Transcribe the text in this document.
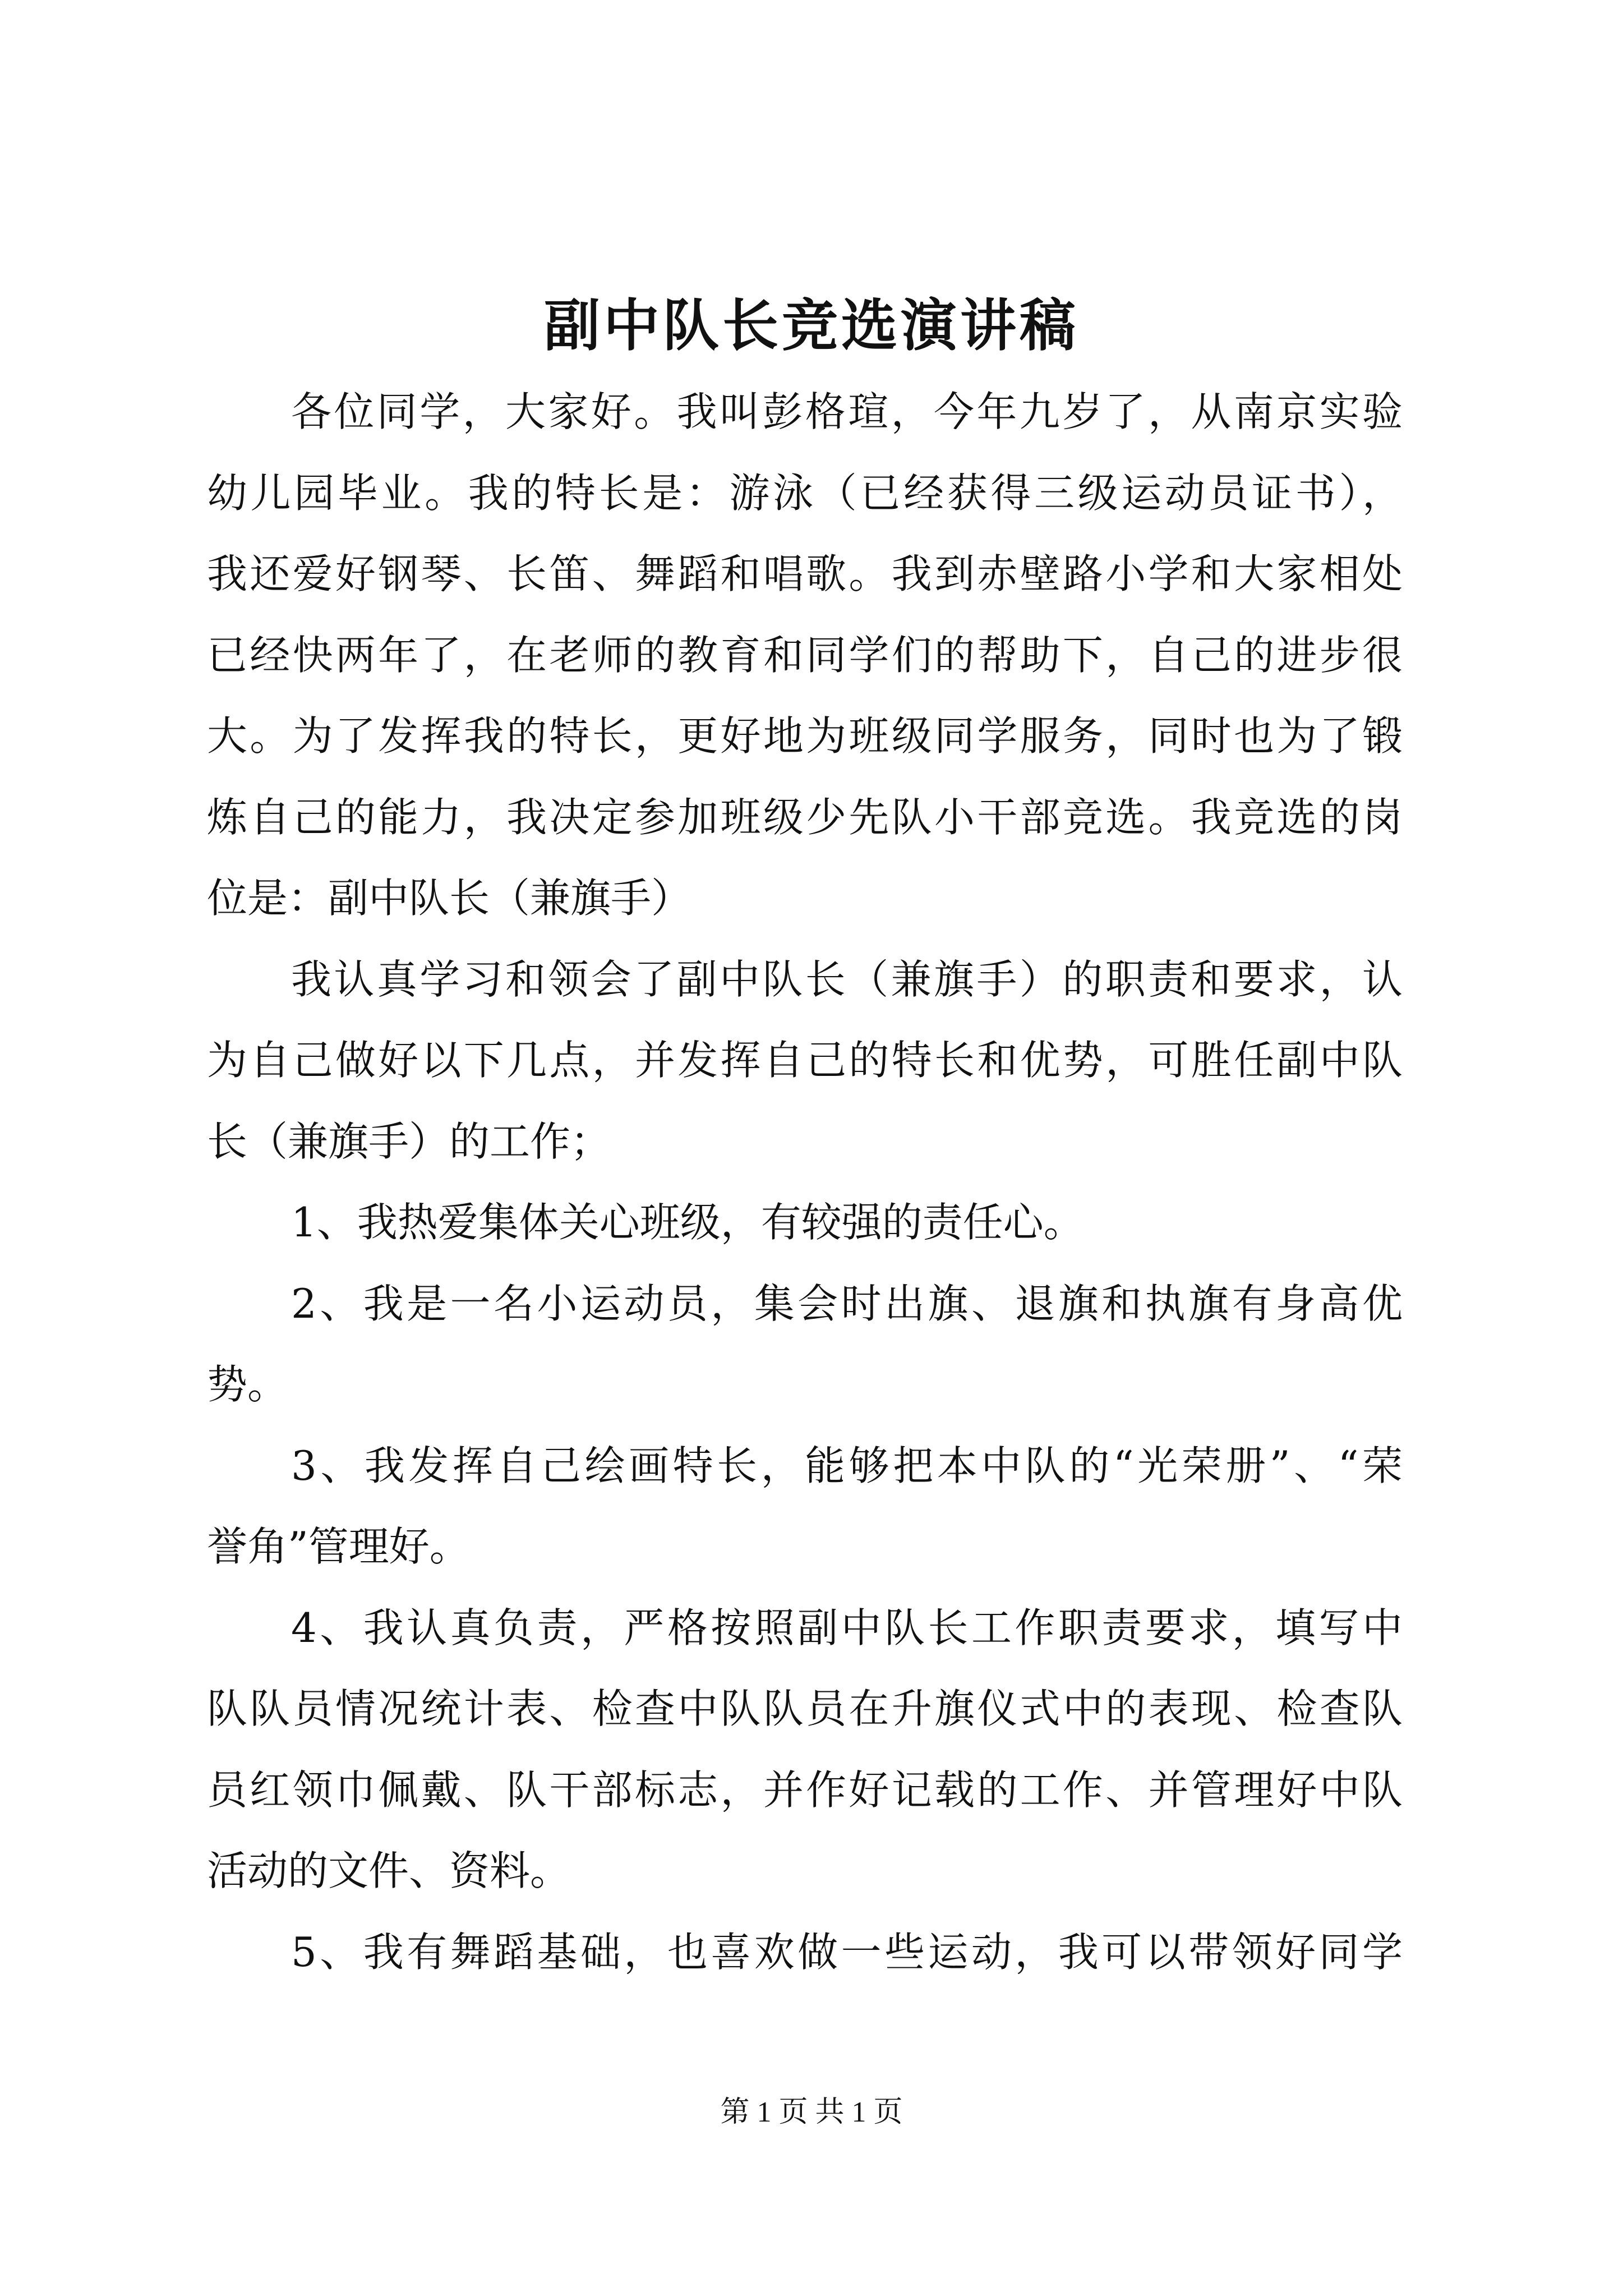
副中队长竞选演讲稿
各位同学，大家好。我叫彭格瑄，今年九岁了，从南京实验
幼儿园毕业。我的特长是：游泳（已经获得三级运动员证书），
我还爱好钢琴、长笛、舞蹈和唱歌。我到赤壁路小学和大家相处
已经快两年了，在老师的教育和同学们的帮助下，自己的进步很
大。为了发挥我的特长，更好地为班级同学服务，同时也为了锻
炼自己的能力，我决定参加班级少先队小干部竞选。我竞选的岗
位是：副中队长（兼旗手）
我认真学习和领会了副中队长（兼旗手）的职责和要求，认
为自己做好以下几点，并发挥自己的特长和优势，可胜任副中队
长（兼旗手）的工作；
1、我热爱集体关心班级，有较强的责任心。
2、我是一名小运动员，集会时出旗、退旗和执旗有身高优
势。
3、我发挥自己绘画特长，能够把本中队的“光荣册”、“荣
誉角”管理好。
4、我认真负责，严格按照副中队长工作职责要求，填写中
队队员情况统计表、检查中队队员在升旗仪式中的表现、检查队
员红领巾佩戴、队干部标志，并作好记载的工作、并管理好中队
活动的文件、资料。
5、我有舞蹈基础，也喜欢做一些运动，我可以带领好同学
第 1 页 共 1 页
